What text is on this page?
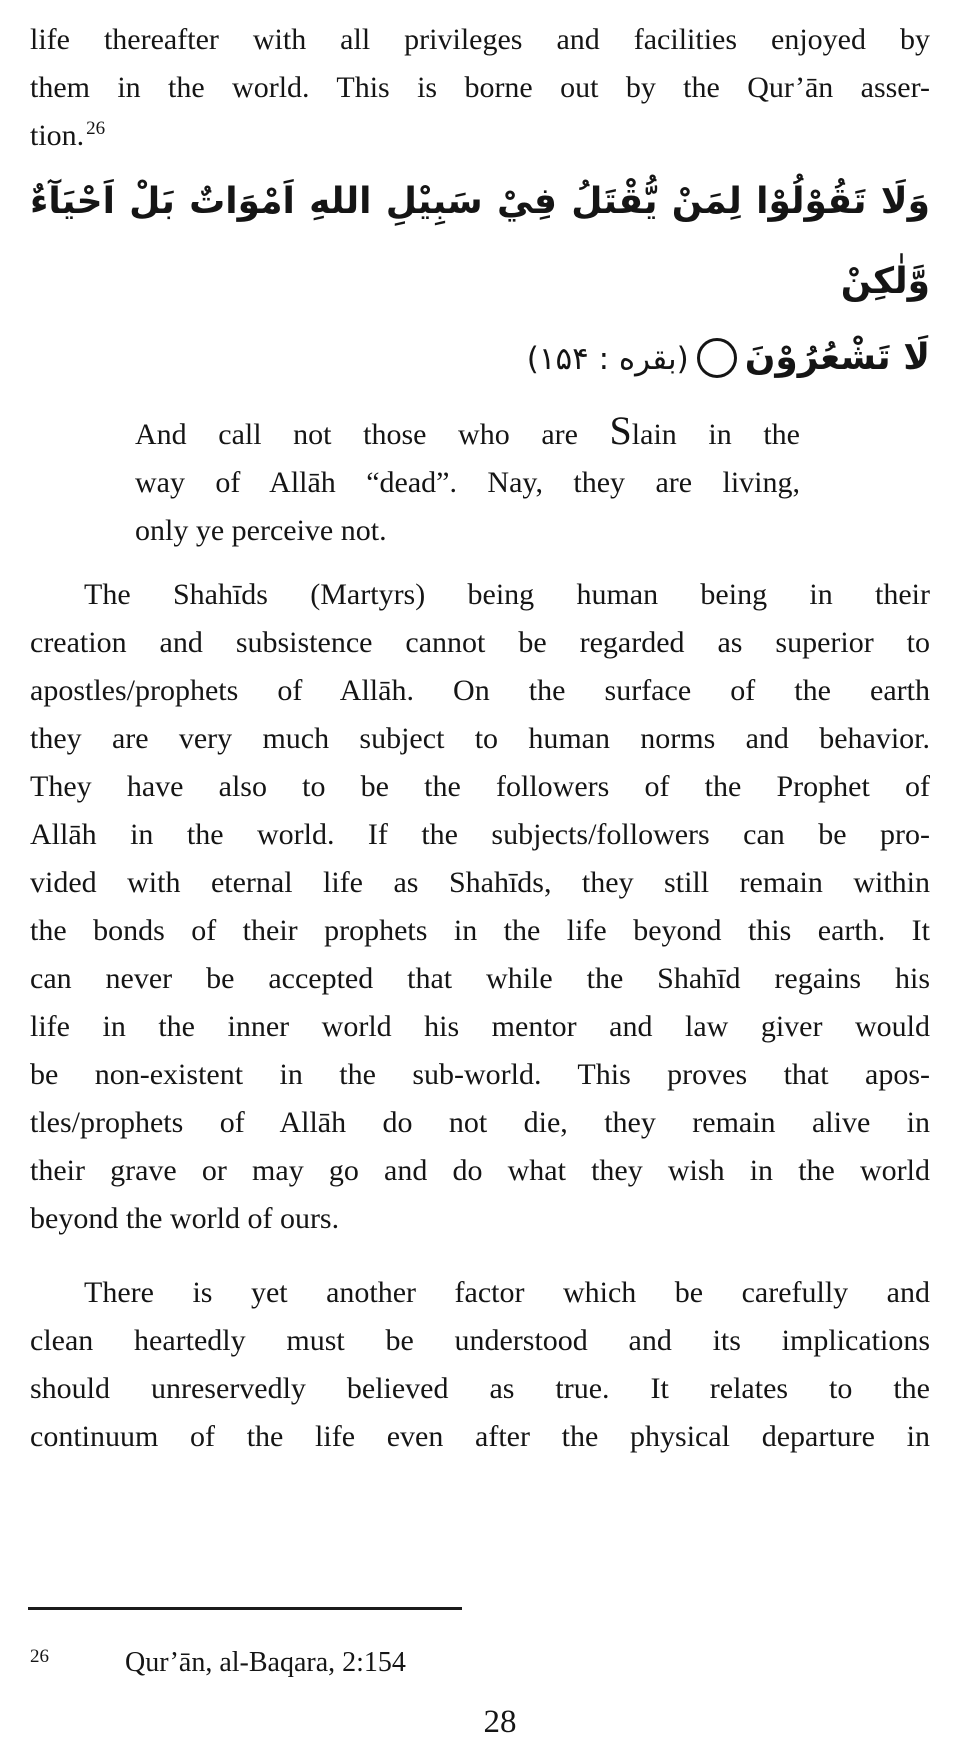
life thereafter with all privileges and facilities enjoyed by
them in the world. This is borne out by the Qur’ān asser-
tion. $^{26}$
وَلَا تَقُوْلُوْا لِمَنْ يُّقْتَلُ فِيْ سَبِيْلِ اللهِ اَمْوَاتٌ بَلْ اَحْيَآءٌ وَّلٰكِنْ
لَا تَشْعُرُوْنَ(بقره : ۱۵۴)
And call not those who are Slain in the
way of Allāh “dead”. Nay, they are living,
only ye perceive not.
The Shahīds (Martyrs) being human being in their
creation and subsistence cannot be regarded as superior to
apostles/prophets of Allāh. On the surface of the earth
they are very much subject to human norms and behavior.
They have also to be the followers of the Prophet of
Allāh in the world. If the subjects/followers can be pro-
vided with eternal life as Shahīds, they still remain within
the bonds of their prophets in the life beyond this earth. It
can never be accepted that while the Shahīd regains his
life in the inner world his mentor and law giver would
be non-existent in the sub-world. This proves that apos-
tles/prophets of Allāh do not die, they remain alive in
their grave or may go and do what they wish in the world
beyond the world of ours.
There is yet another factor which be carefully and
clean heartedly must be understood and its implications
should unreservedly believed as true. It relates to the
continuum of the life even after the physical departure in
$^{26}$	Qur’ān, al-Baqara, 2:154
28
